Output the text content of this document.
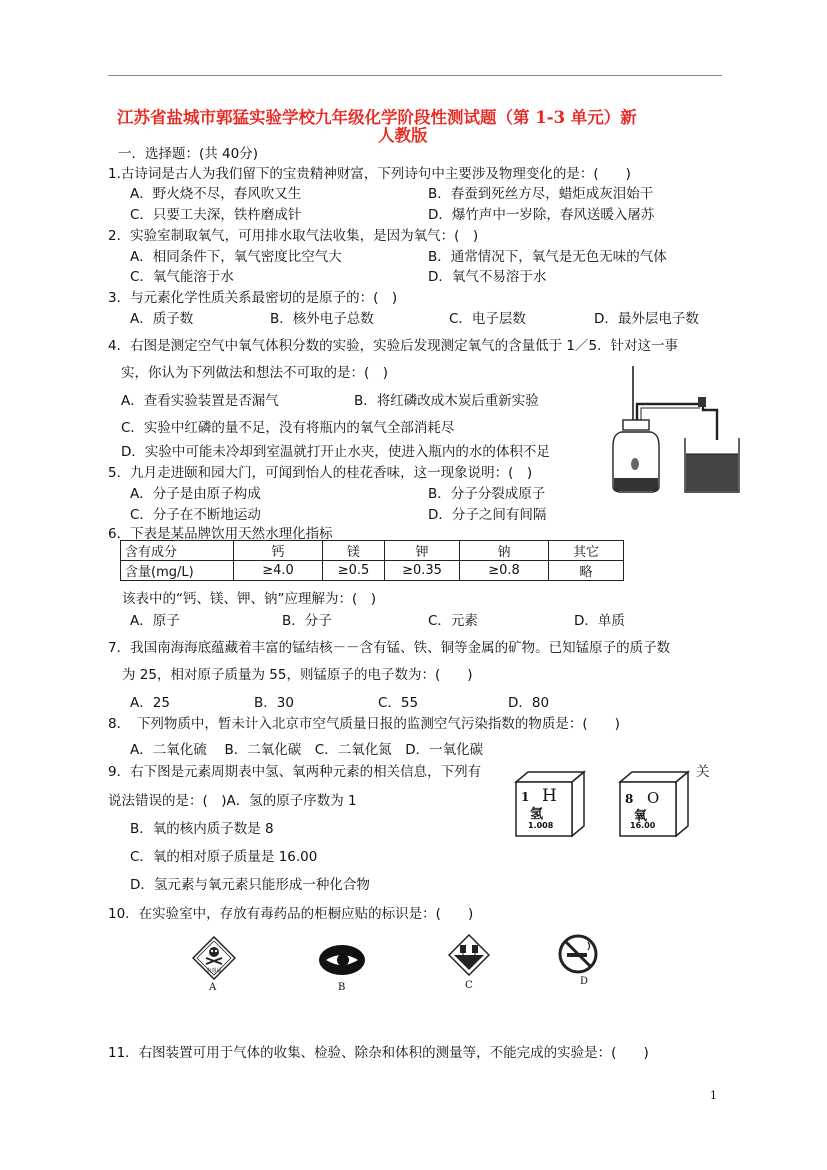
江苏省盐城市郭猛实验学校九年级化学阶段性测试题（第 1-3 单元）新
人教版
一．选择题：(共 40分)
1.古诗词是古人为我们留下的宝贵精神财富，下列诗句中主要涉及物理变化的是：(　　)
A．野火烧不尽，春风吹又生	B．春蚕到死丝方尽，蜡炬成灰泪始干
C．只要工夫深，铁杵磨成针	D．爆竹声中一岁除，春风送暖入屠苏
2．实验室制取氧气，可用排水取气法收集，是因为氧气：(　)
A．相同条件下，氧气密度比空气大	B．通常情况下，氧气是无色无味的气体
C．氧气能溶于水	D．氧气不易溶于水
3．与元素化学性质关系最密切的是原子的：(　)
A．质子数	B．核外电子总数	C．电子层数	D．最外层电子数
4．右图是测定空气中氧气体积分数的实验，实验后发现测定氧气的含量低于 1／5．针对这一事
实，你认为下列做法和想法不可取的是：(　)
A．查看实验装置是否漏气	B．将红磷改成木炭后重新实验
C．实验中红磷的量不足，没有将瓶内的氧气全部消耗尽
D．实验中可能未冷却到室温就打开止水夹，使进入瓶内的水的体积不足
5．九月走进颐和园大门，可闻到怡人的桂花香味，这一现象说明：(　)
A．分子是由原子构成	B．分子分裂成原子
C．分子在不断地运动	D．分子之间有间隔
6．下表是某品牌饮用天然水理化指标
含有成分	钙	镁	钾	钠	其它
含量(mg/L)	≥4.0	≥0.5	≥0.35	≥0.8	略
该表中的“钙、镁、钾、钠”应理解为：(　)
A．原子	B．分子	C．元素	D．单质
7．我国南海海底蕴藏着丰富的锰结核－－含有锰、铁、铜等金属的矿物。已知锰原子的质子数
为 25，相对原子质量为 55，则锰原子的电子数为：(　　)
A．25	B．30	C．55	D．80
8．　下列物质中，暂未计入北京市空气质量日报的监测空气污染指数的物质是：(　　)
A．二氧化硫　 B．二氧化碳　C．二氧化氮　D．一氧化碳
9．右下图是元素周期表中氢、氧两种元素的相关信息，下列有	关
说法错误的是：(　)A．氢的原子序数为 1
B．氧的核内质子数是 8
C．氧的相对原子质量是 16.00
D．氢元素与氧元素只能形成一种化合物
1 H
氢
1.008
8 O
氧
16.00
10．在实验室中，存放有毒药品的柜橱应贴的标识是：(　　)
有毒品
A	B	C	D
11．右图装置可用于气体的收集、检验、除杂和体积的测量等，不能完成的实验是：(　　)
1
